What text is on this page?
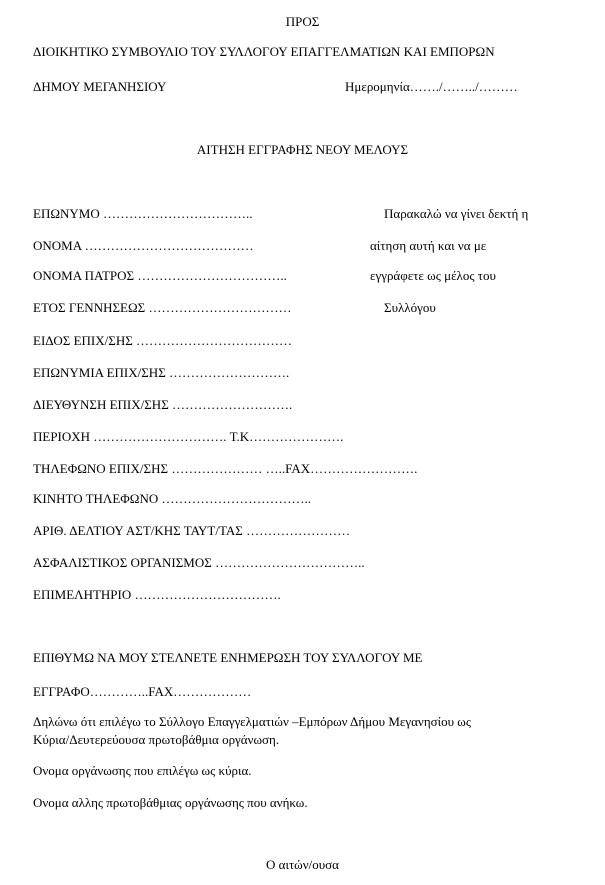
ΠΡΟΣ
ΔΙΟΙΚΗΤΙΚΟ ΣΥΜΒΟΥΛΙΟ ΤΟΥ ΣΥΛΛΟΓΟΥ ΕΠΑΓΓΕΛΜΑΤΙΩΝ ΚΑΙ ΕΜΠΟΡΩΝ
ΔΗΜΟΥ ΜΕΓΑΝΗΣΙΟΥ	Ημερομηνία……./……../………
ΑΙΤΗΣΗ ΕΓΓΡΑΦΗΣ ΝΕΟΥ ΜΕΛΟΥΣ
ΕΠΩΝΥΜΟ ……………………………..
ΟΝΟΜΑ …………………………………
ΟΝΟΜΑ ΠΑΤΡΟΣ ……………………………..
ΕΤΟΣ ΓΕΝΝΗΣΕΩΣ ……………………………
ΕΙΔΟΣ ΕΠΙΧ/ΣΗΣ ………………………………
ΕΠΩΝΥΜΙΑ ΕΠΙΧ/ΣΗΣ ……………………….
ΔΙΕΥΘΥΝΣΗ ΕΠΙΧ/ΣΗΣ ……………………….
ΠΕΡΙΟΧΗ …………………………. Τ.Κ………………….
ΤΗΛΕΦΩΝΟ ΕΠΙΧ/ΣΗΣ ………………… …..FAX…………………….
ΚΙΝΗΤΟ ΤΗΛΕΦΩΝΟ ……………………………..
ΑΡΙΘ. ΔΕΛΤΙΟΥ ΑΣΤ/ΚΗΣ ΤΑΥΤ/ΤΑΣ ……………………
ΑΣΦΑΛΙΣΤΙΚΟΣ ΟΡΓΑΝΙΣΜΟΣ ……………………………..
ΕΠΙΜΕΛΗΤΗΡΙΟ …………………………….
Παρακαλώ να γίνει δεκτή η
αίτηση αυτή και να με
εγγράφετε ως μέλος του
Συλλόγου
ΕΠΙΘΥΜΩ ΝΑ ΜΟΥ ΣΤΕΛΝΕΤΕ ΕΝΗΜΕΡΩΣΗ ΤΟΥ ΣΥΛΛΟΓΟΥ ΜΕ
ΕΓΓΡΑΦΟ…………..FAX………………
Δηλώνω ότι επιλέγω το Σύλλογο Επαγγελματιών –Εμπόρων Δήμου Μεγανησίου ως
Κύρια/Δευτερεύουσα πρωτοβάθμια οργάνωση.
Ονομα οργάνωσης που επιλέγω ως κύρια.
Ονομα αλλης πρωτοβάθμιας οργάνωσης που ανήκω.
Ο αιτών/ουσα
